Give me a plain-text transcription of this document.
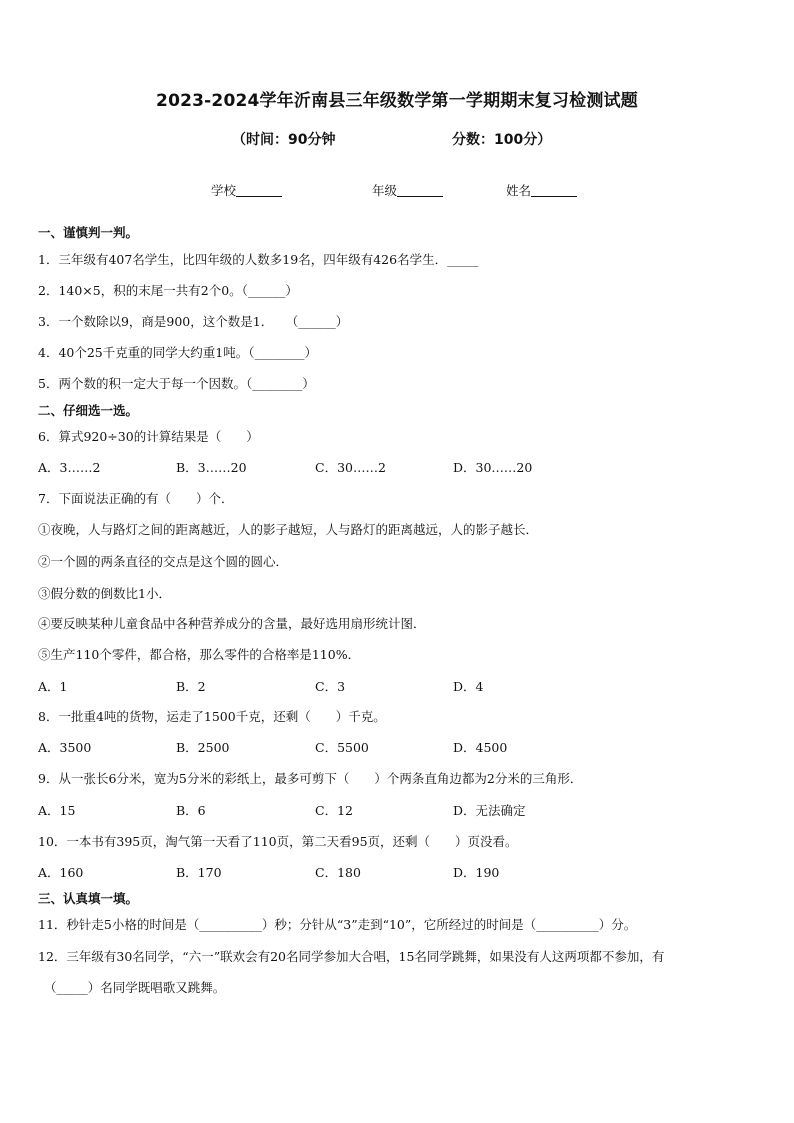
2023-2024学年沂南县三年级数学第一学期期末复习检测试题
（时间：90分钟	分数：100分）
学校	年级	姓名
一、谨慎判一判。
1．三年级有407名学生，比四年级的人数多19名，四年级有426名学生．_____
2．140×5，积的末尾一共有2个0。（______）
3．一个数除以9，商是900，这个数是1．　　（______）
4．40个25千克重的同学大约重1吨。（________）
5．两个数的积一定大于每一个因数。（________）
二、仔细选一选。
6．算式920÷30的计算结果是（　　）
A．3……2	B．3……20	C．30……2	D．30……20
7．下面说法正确的有（　　）个．
①夜晚，人与路灯之间的距离越近，人的影子越短，人与路灯的距离越远，人的影子越长．
②一个圆的两条直径的交点是这个圆的圆心．
③假分数的倒数比1小．
④要反映某种儿童食品中各种营养成分的含量，最好选用扇形统计图．
⑤生产110个零件，都合格，那么零件的合格率是110%．
A．1	B．2	C．3	D．4
8．一批重4吨的货物，运走了1500千克，还剩（　　）千克。
A．3500	B．2500	C．5500	D．4500
9．从一张长6分米，宽为5分米的彩纸上，最多可剪下（　　）个两条直角边都为2分米的三角形．
A．15	B．6	C．12	D．无法确定
10．一本书有395页，淘气第一天看了110页，第二天看95页，还剩（　　）页没看。
A．160	B．170	C．180	D．190
三、认真填一填。
11．秒针走5小格的时间是（__________）秒；分针从“3”走到“10”，它所经过的时间是（__________）分。
12．三年级有30名同学，“六一”联欢会有20名同学参加大合唱，15名同学跳舞，如果没有人这两项都不参加，有
（_____）名同学既唱歌又跳舞。
